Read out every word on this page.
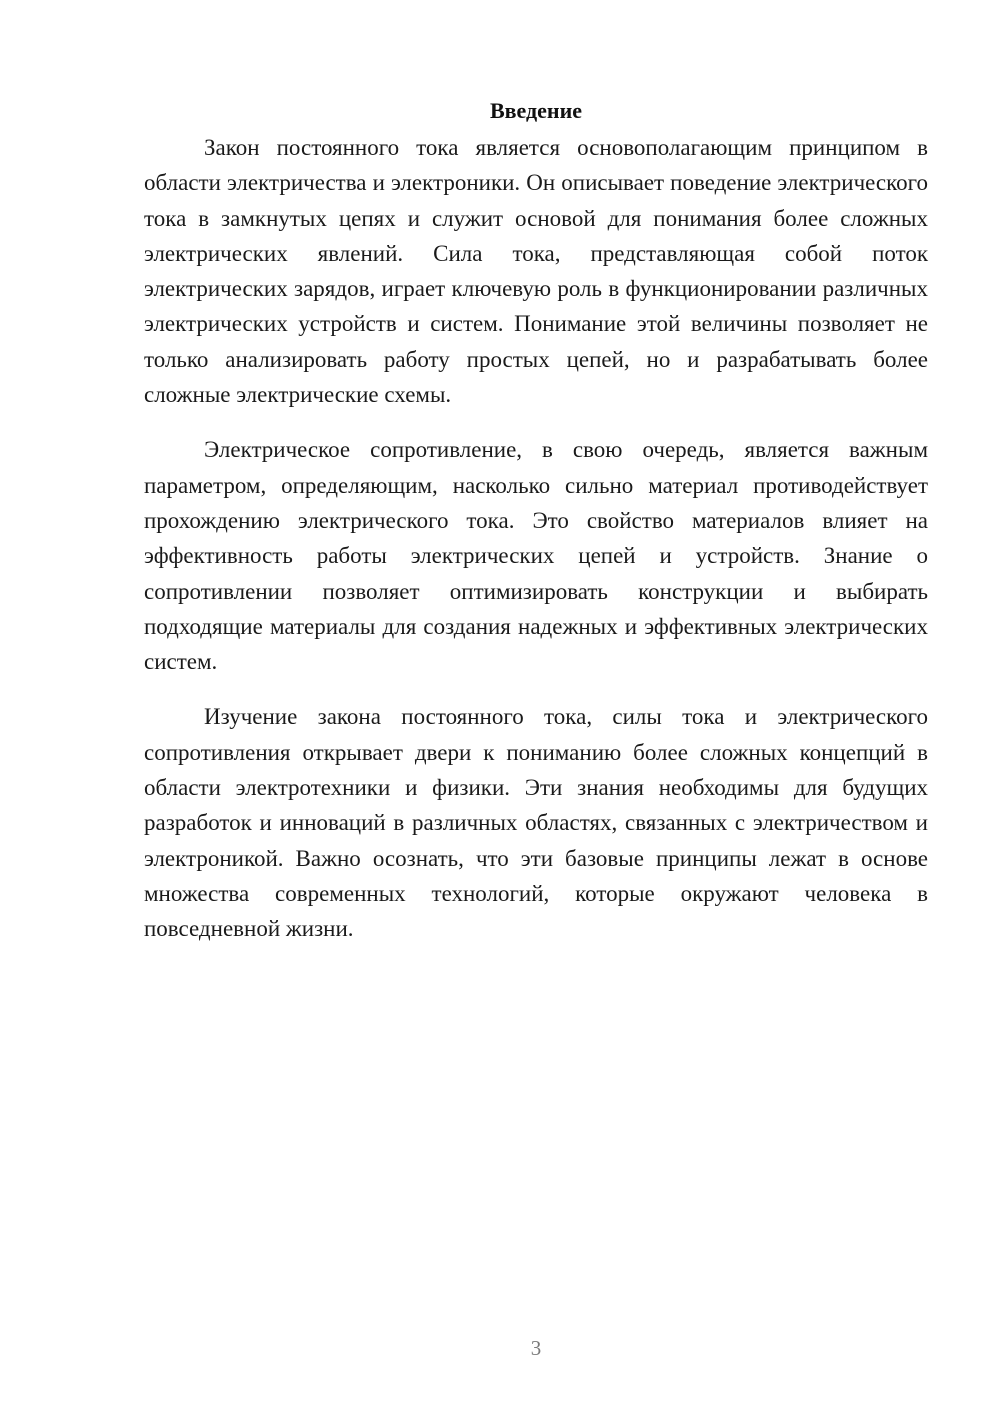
Введение

Закон постоянного тока является основополагающим принципом в области электричества и электроники. Он описывает поведение электрического тока в замкнутых цепях и служит основой для понимания более сложных электрических явлений. Сила тока, представляющая собой поток электрических зарядов, играет ключевую роль в функционировании различных электрических устройств и систем. Понимание этой величины позволяет не только анализировать работу простых цепей, но и разрабатывать более сложные электрические схемы.

Электрическое сопротивление, в свою очередь, является важным параметром, определяющим, насколько сильно материал противодействует прохождению электрического тока. Это свойство материалов влияет на эффективность работы электрических цепей и устройств. Знание о сопротивлении позволяет оптимизировать конструкции и выбирать подходящие материалы для создания надежных и эффективных электрических систем.

Изучение закона постоянного тока, силы тока и электрического сопротивления открывает двери к пониманию более сложных концепций в области электротехники и физики. Эти знания необходимы для будущих разработок и инноваций в различных областях, связанных с электричеством и электроникой. Важно осознать, что эти базовые принципы лежат в основе множества современных технологий, которые окружают человека в повседневной жизни.

3
